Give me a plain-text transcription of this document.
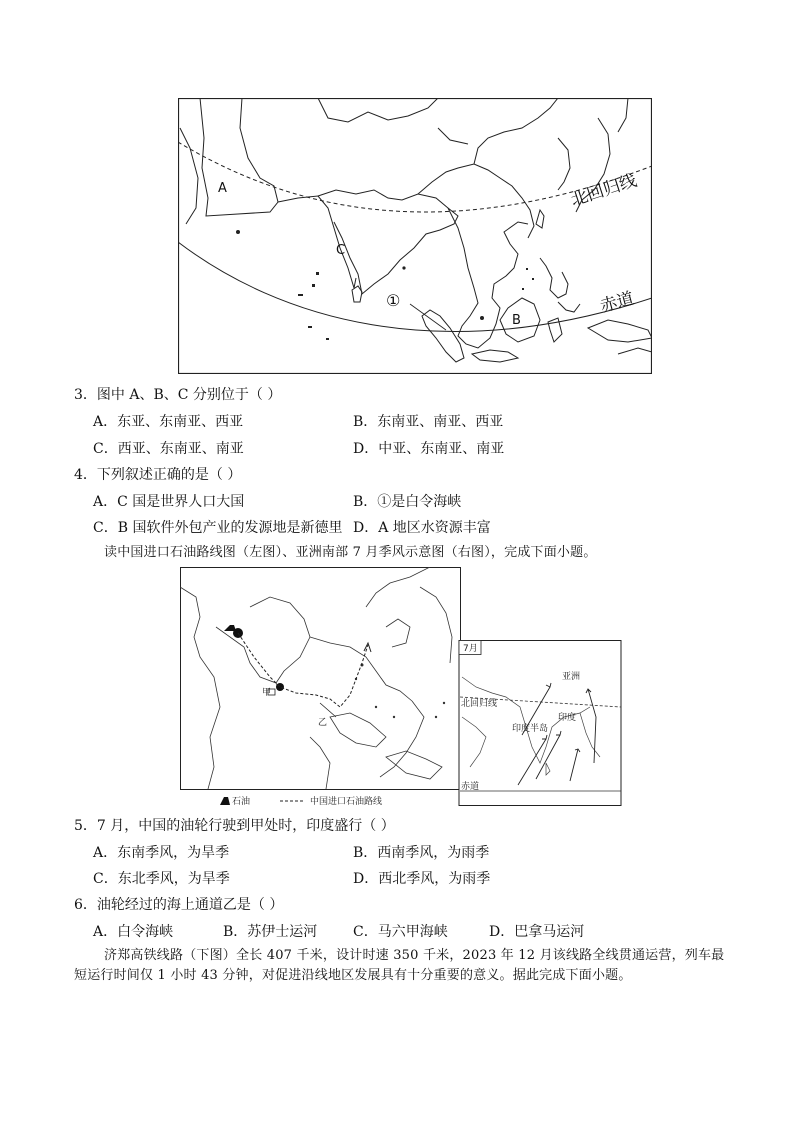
A
C
B
①
北回归线
赤道
3．图中 A、B、C 分别位于（ ）
A．东亚、东南亚、西亚	B．东南亚、南亚、西亚
C．西亚、东南亚、南亚	D．中亚、东南亚、南亚
4．下列叙述正确的是（ ）
A．C 国是世界人口大国	B．①是白令海峡
C．B 国软件外包产业的发源地是新德里 D．A 地区水资源丰富
读中国进口石油路线图（左图）、亚洲南部 7 月季风示意图（右图），完成下面小题。
甲
乙
7月
亚洲
北回归线
印度
印度半岛
赤道
石油	中国进口石油路线
5．7 月，中国的油轮行驶到甲处时，印度盛行（ ）
A．东南季风，为旱季	B．西南季风，为雨季
C．东北季风，为旱季	D．西北季风，为雨季
6．油轮经过的海上通道乙是（ ）
A．白令海峡	B．苏伊士运河	C．马六甲海峡	D．巴拿马运河
济郑高铁线路（下图）全长 407 千米，设计时速 350 千米，2023 年 12 月该线路全线贯通运营，列车最短运行时间仅 1 小时 43 分钟，对促进沿线地区发展具有十分重要的意义。据此完成下面小题。
